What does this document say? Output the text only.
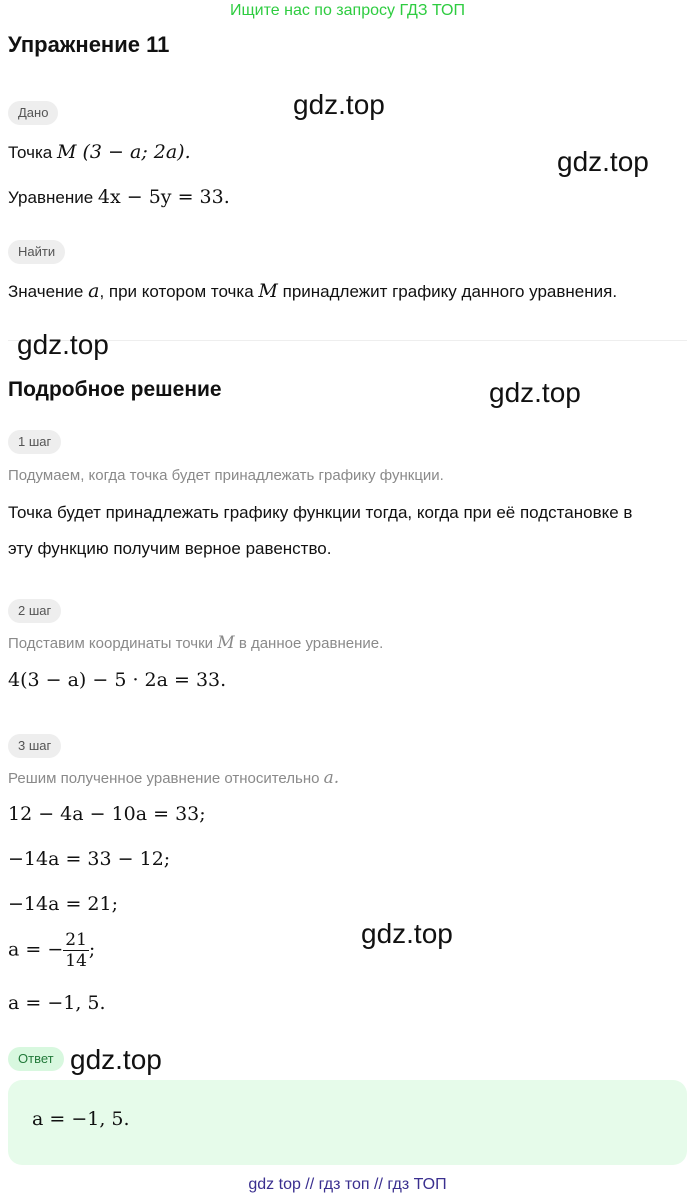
Ищите нас по запросу ГДЗ ТОП
Упражнение 11
Дано
Точка M (3 − a; 2a).
Уравнение 4x − 5y = 33.
Найти
Значение a, при котором точка M принадлежит графику данного уравнения.
Подробное решение
1 шаг
Подумаем, когда точка будет принадлежать графику функции.
Точка будет принадлежать графику функции тогда, когда при её подстановке в
эту функцию получим верное равенство.
2 шаг
Подставим координаты точки M в данное уравнение.
4(3 − a) − 5 · 2a = 33.
3 шаг
Решим полученное уравнение относительно a.
12 − 4a − 10a = 33;
−14a = 33 − 12;
−14a = 21;
a = − $\frac{21}{14}$ ;
a = −1, 5.
Ответ
a = −1, 5.
gdz.top
gdz.top
gdz.top
gdz.top
gdz.top
gdz.top
gdz top // гдз топ // гдз ТОП
